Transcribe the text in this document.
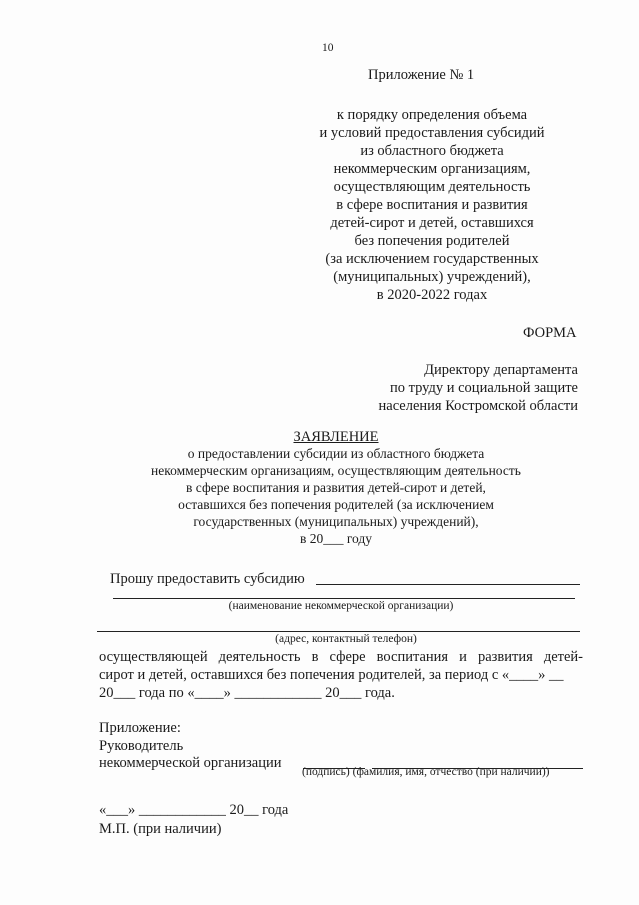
10
Приложение № 1
к порядку определения объема
и условий предоставления субсидий
из областного бюджета
некоммерческим организациям,
осуществляющим деятельность
в сфере воспитания и развития
детей-сирот и детей, оставшихся
без попечения родителей
(за исключением государственных
(муниципальных) учреждений),
в 2020-2022 годах
ФОРМА
Директору департамента
по труду и социальной защите
населения Костромской области
ЗАЯВЛЕНИЕ
о предоставлении субсидии из областного бюджета
некоммерческим организациям, осуществляющим деятельность
в сфере воспитания и развития детей-сирот и детей,
оставшихся без попечения родителей (за исключением
государственных (муниципальных) учреждений),
в 20___ году
Прошу предоставить субсидию
(наименование некоммерческой организации)
(адрес, контактный телефон)
осуществляющей деятельность в сфере воспитания и развития детей-
сирот и детей, оставшихся без попечения родителей, за период с «____» __
20___ года по «____» ____________ 20___ года.
Приложение:
Руководитель
некоммерческой организации
(подпись) (фамилия, имя, отчество (при наличии))
«___» ____________ 20__ года
М.П. (при наличии)
